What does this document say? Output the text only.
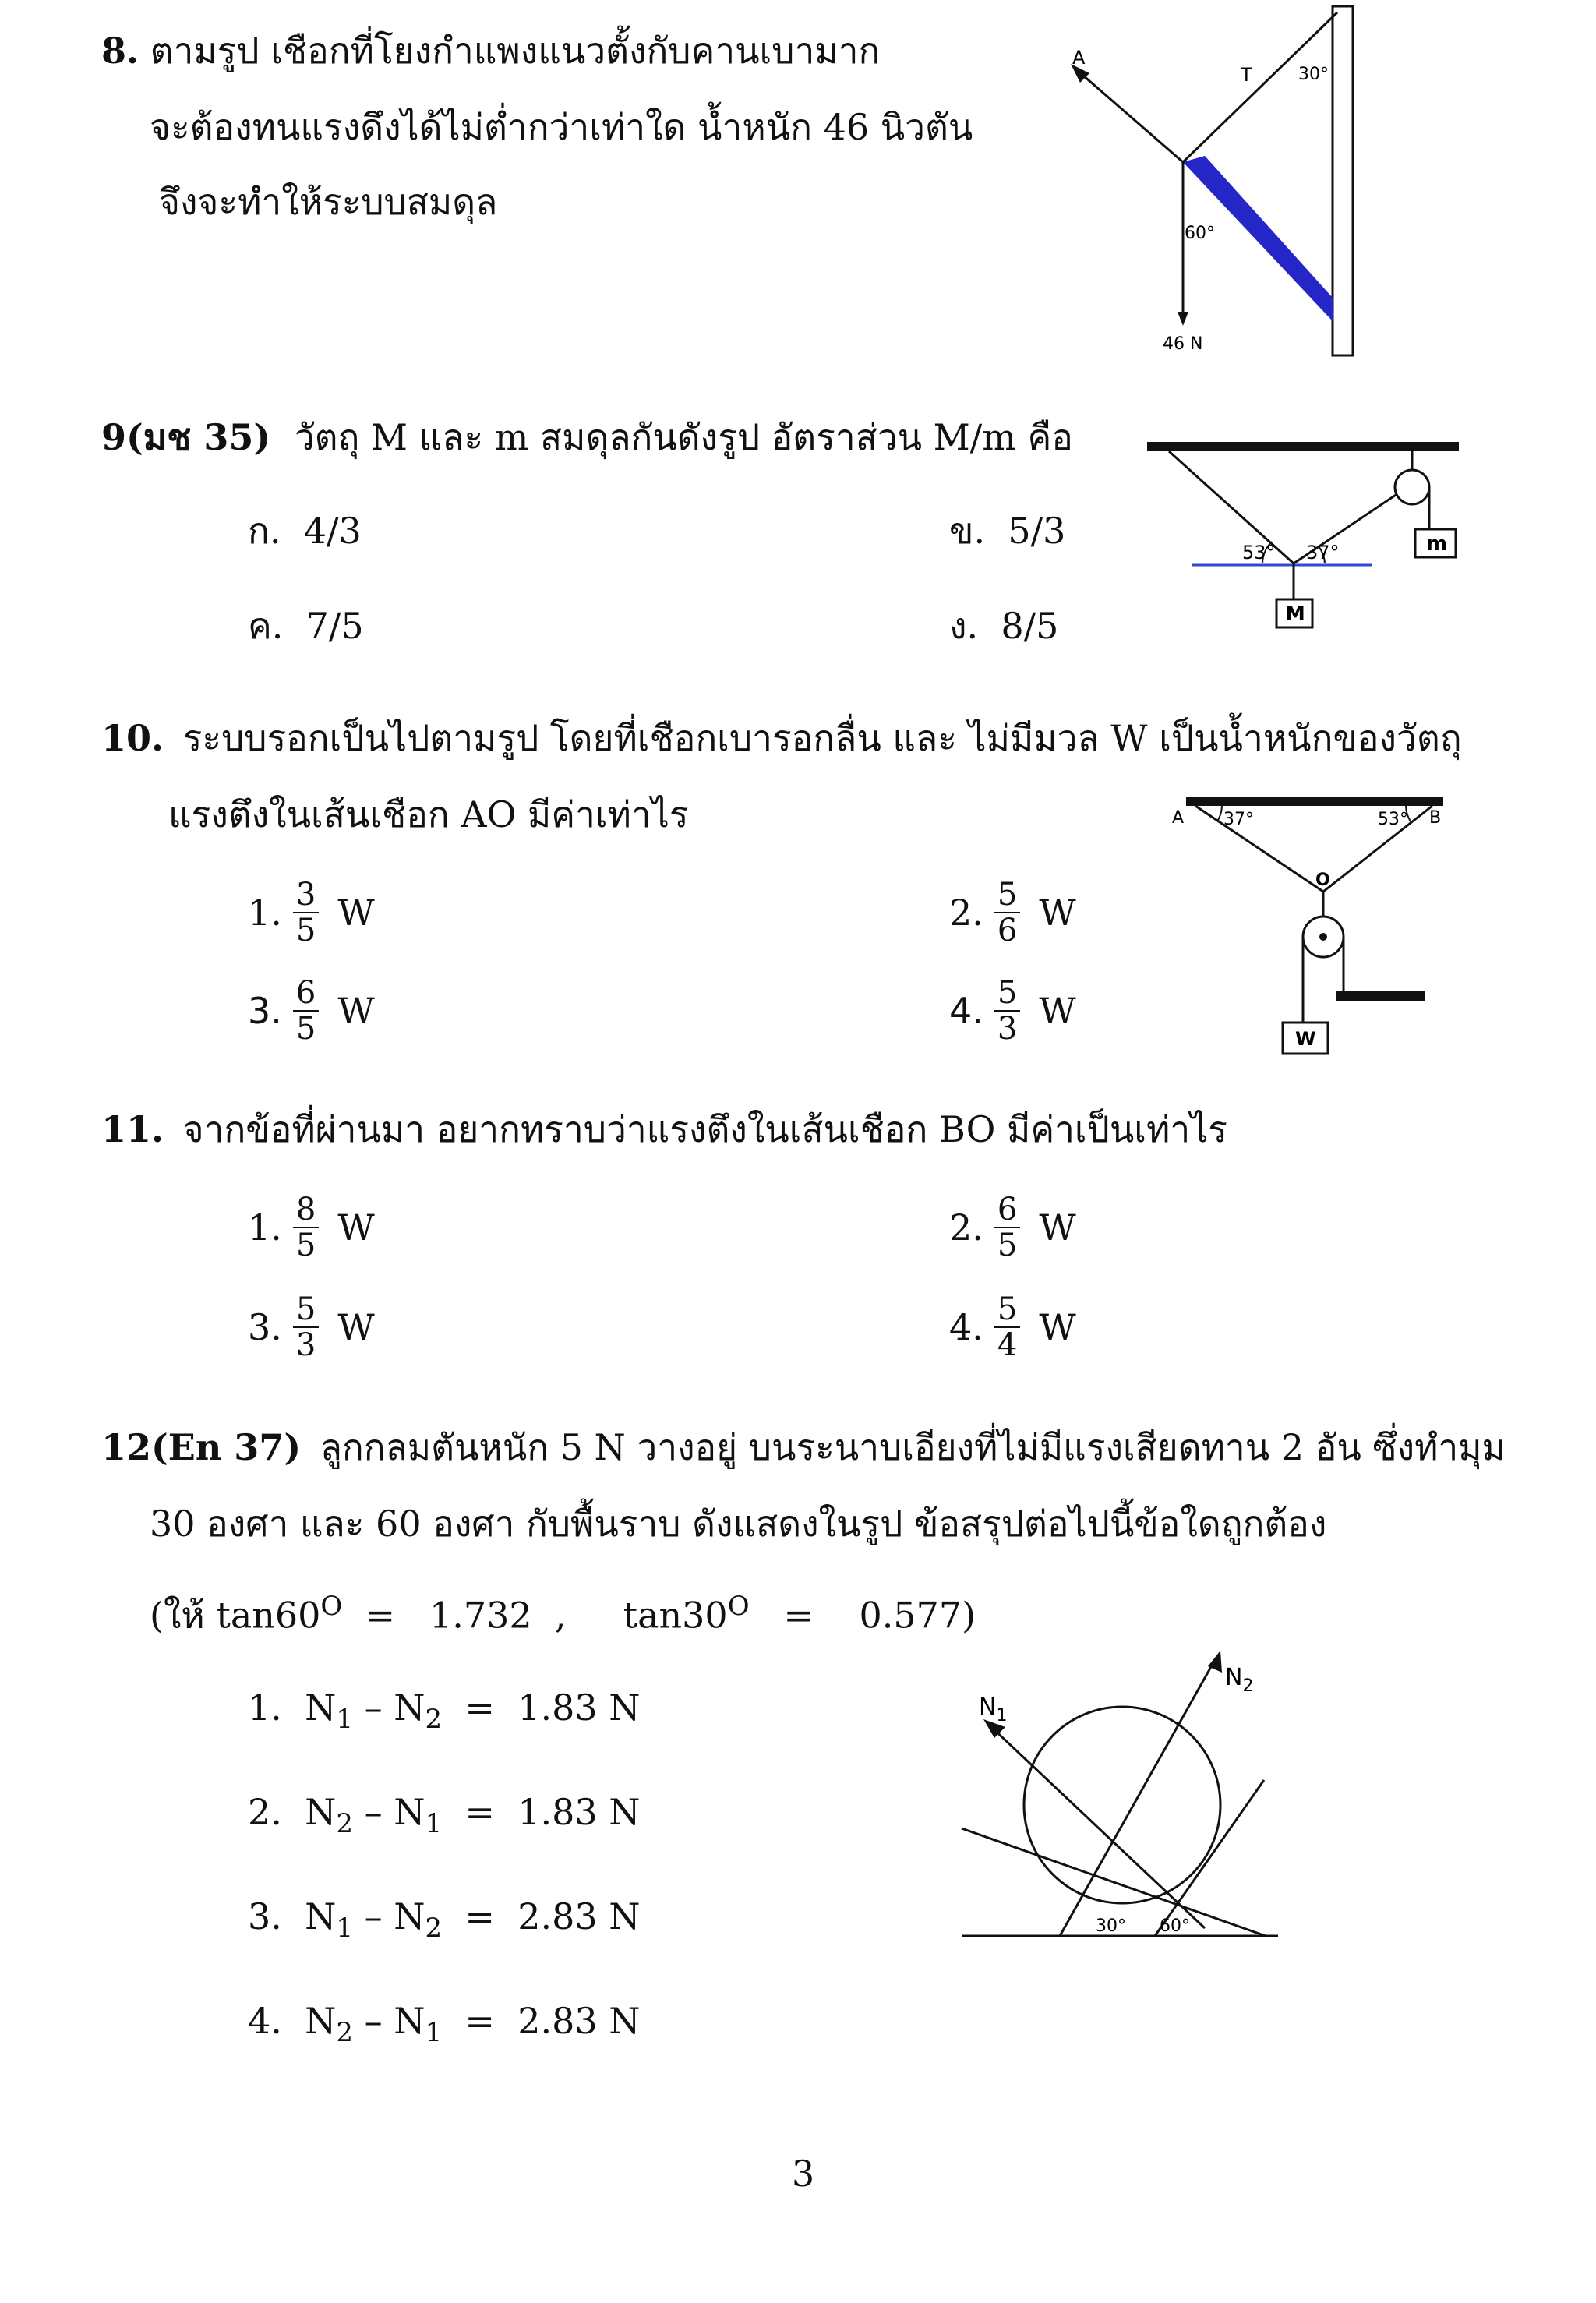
8. ตามรูป เชือกที่โยงกำแพงแนวตั้งกับคานเบามาก
จะต้องทนแรงดึงได้ไม่ต่ำกว่าเท่าใด น้ำหนัก 46 นิวตัน
จึงจะทำให้ระบบสมดุล
A
T	30°
60°
46 N
9(มช 35) วัตถุ M และ m สมดุลกันดังรูป อัตราส่วน M/m คือ
ก. 4/3	ข. 5/3
ค. 7/5	ง. 8/5
53° 37°
M
m
10. ระบบรอกเป็นไปตามรูป โดยที่เชือกเบารอกลื่น และ ไม่มีมวล W เป็นน้ำหนักของวัตถุ
แรงตึงในเส้นเชือก AO มีค่าเท่าไร
1. $\frac{3}{5}$ W	2. $\frac{5}{6}$ W
3. $\frac{6}{5}$ W	4. $\frac{5}{3}$ W
A	B
37°	53°
O
W
11. จากข้อที่ผ่านมา อยากทราบว่าแรงตึงในเส้นเชือก BO มีค่าเป็นเท่าไร
1. $\frac{8}{5}$ W	2. $\frac{6}{5}$ W
3. $\frac{5}{3}$ W	4. $\frac{5}{4}$ W
12(En 37) ลูกกลมตันหนัก 5 N วางอยู่ บนระนาบเอียงที่ไม่มีแรงเสียดทาน 2 อัน ซึ่งทำมุม
30 องศา และ 60 องศา กับพื้นราบ ดังแสดงในรูป ข้อสรุปต่อไปนี้ข้อใดถูกต้อง
(ให้ $\tan 60^O = 1.732$  ,     $\tan 30^O$   =    0.577)
1. $N_1 - N_2 = 1.83$ N
2. $N_2 - N_1 = 1.83$ N
3. $N_1 - N_2 = 2.83$ N
4. $N_2 - N_1 = 2.83$ N
$N_1$
$N_2$
30° 60°
3
